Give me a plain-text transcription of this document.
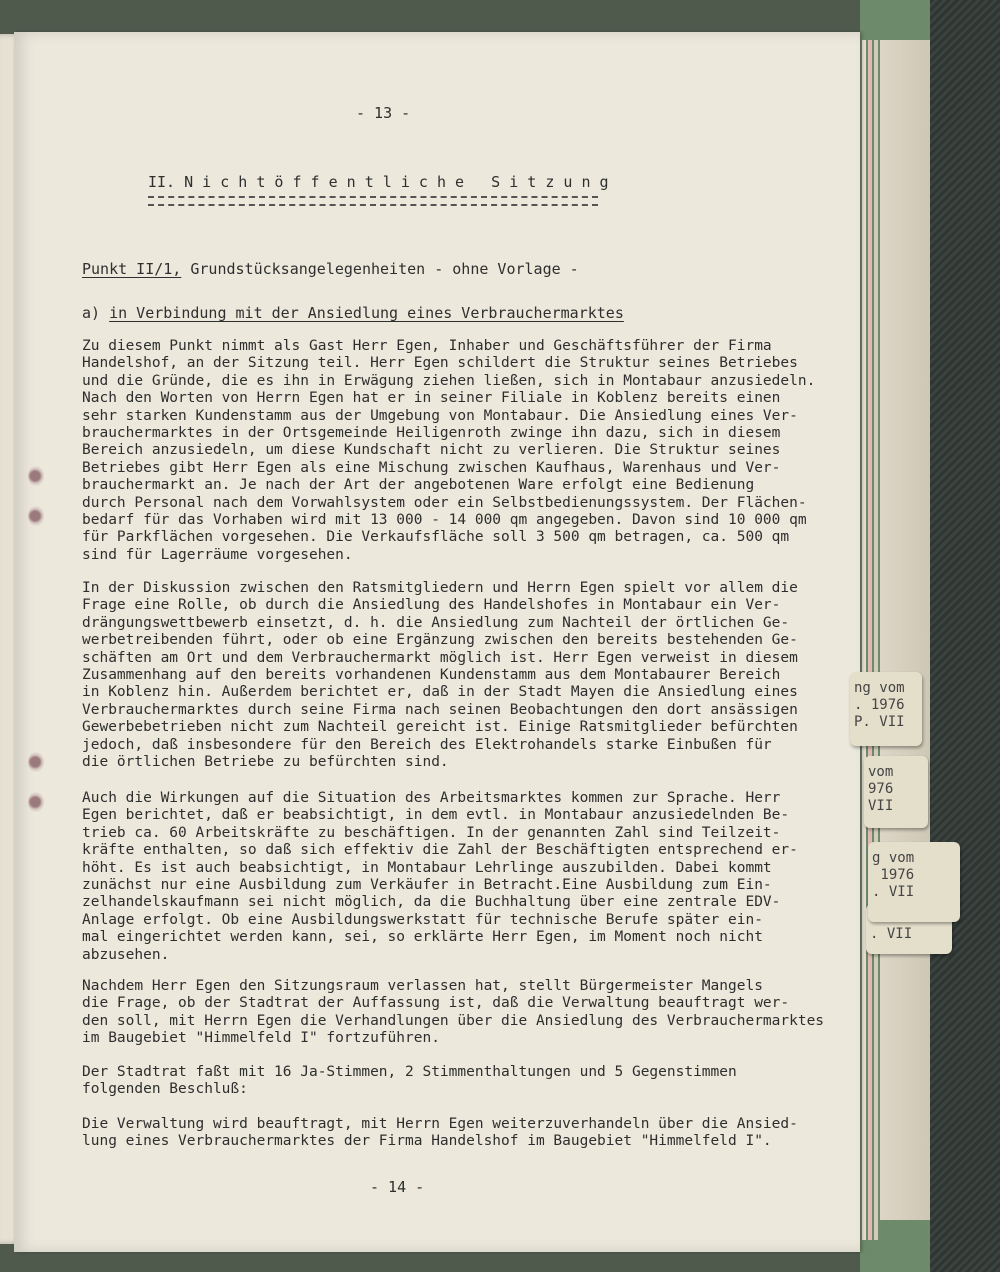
ng vom
. 1976
P. VII
vom
976
VII
. VII
g vom
1976
. VII
- 13 -
II. N i c h t ö f f e n t l i c h e   S i t z u n g
Punkt II/1, Grundstücksangelegenheiten - ohne Vorlage -
a) in Verbindung mit der Ansiedlung eines Verbrauchermarktes
Zu diesem Punkt nimmt als Gast Herr Egen, Inhaber und Geschäftsführer der Firma
Handelshof, an der Sitzung teil. Herr Egen schildert die Struktur seines Betriebes
und die Gründe, die es ihn in Erwägung ziehen ließen, sich in Montabaur anzusiedeln.
Nach den Worten von Herrn Egen hat er in seiner Filiale in Koblenz bereits einen
sehr starken Kundenstamm aus der Umgebung von Montabaur. Die Ansiedlung eines Ver-
brauchermarktes in der Ortsgemeinde Heiligenroth zwinge ihn dazu, sich in diesem
Bereich anzusiedeln, um diese Kundschaft nicht zu verlieren. Die Struktur seines
Betriebes gibt Herr Egen als eine Mischung zwischen Kaufhaus, Warenhaus und Ver-
brauchermarkt an. Je nach der Art der angebotenen Ware erfolgt eine Bedienung
durch Personal nach dem Vorwahlsystem oder ein Selbstbedienungssystem. Der Flächen-
bedarf für das Vorhaben wird mit 13 000 - 14 000 qm angegeben. Davon sind 10 000 qm
für Parkflächen vorgesehen. Die Verkaufsfläche soll 3 500 qm betragen, ca. 500 qm
sind für Lagerräume vorgesehen.
In der Diskussion zwischen den Ratsmitgliedern und Herrn Egen spielt vor allem die
Frage eine Rolle, ob durch die Ansiedlung des Handelshofes in Montabaur ein Ver-
drängungswettbewerb einsetzt, d. h. die Ansiedlung zum Nachteil der örtlichen Ge-
werbetreibenden führt, oder ob eine Ergänzung zwischen den bereits bestehenden Ge-
schäften am Ort und dem Verbrauchermarkt möglich ist. Herr Egen verweist in diesem
Zusammenhang auf den bereits vorhandenen Kundenstamm aus dem Montabaurer Bereich
in Koblenz hin. Außerdem berichtet er, daß in der Stadt Mayen die Ansiedlung eines
Verbrauchermarktes durch seine Firma nach seinen Beobachtungen den dort ansässigen
Gewerbebetrieben nicht zum Nachteil gereicht ist. Einige Ratsmitglieder befürchten
jedoch, daß insbesondere für den Bereich des Elektrohandels starke Einbußen für
die örtlichen Betriebe zu befürchten sind.
Auch die Wirkungen auf die Situation des Arbeitsmarktes kommen zur Sprache. Herr
Egen berichtet, daß er beabsichtigt, in dem evtl. in Montabaur anzusiedelnden Be-
trieb ca. 60 Arbeitskräfte zu beschäftigen. In der genannten Zahl sind Teilzeit-
kräfte enthalten, so daß sich effektiv die Zahl der Beschäftigten entsprechend er-
höht. Es ist auch beabsichtigt, in Montabaur Lehrlinge auszubilden. Dabei kommt
zunächst nur eine Ausbildung zum Verkäufer in Betracht.Eine Ausbildung zum Ein-
zelhandelskaufmann sei nicht möglich, da die Buchhaltung über eine zentrale EDV-
Anlage erfolgt. Ob eine Ausbildungswerkstatt für technische Berufe später ein-
mal eingerichtet werden kann, sei, so erklärte Herr Egen, im Moment noch nicht
abzusehen.
Nachdem Herr Egen den Sitzungsraum verlassen hat, stellt Bürgermeister Mangels
die Frage, ob der Stadtrat der Auffassung ist, daß die Verwaltung beauftragt wer-
den soll, mit Herrn Egen die Verhandlungen über die Ansiedlung des Verbrauchermarktes
im Baugebiet "Himmelfeld I" fortzuführen.
Der Stadtrat faßt mit 16 Ja-Stimmen, 2 Stimmenthaltungen und 5 Gegenstimmen
folgenden Beschluß:
Die Verwaltung wird beauftragt, mit Herrn Egen weiterzuverhandeln über die Ansied-
lung eines Verbrauchermarktes der Firma Handelshof im Baugebiet "Himmelfeld I".
- 14 -
